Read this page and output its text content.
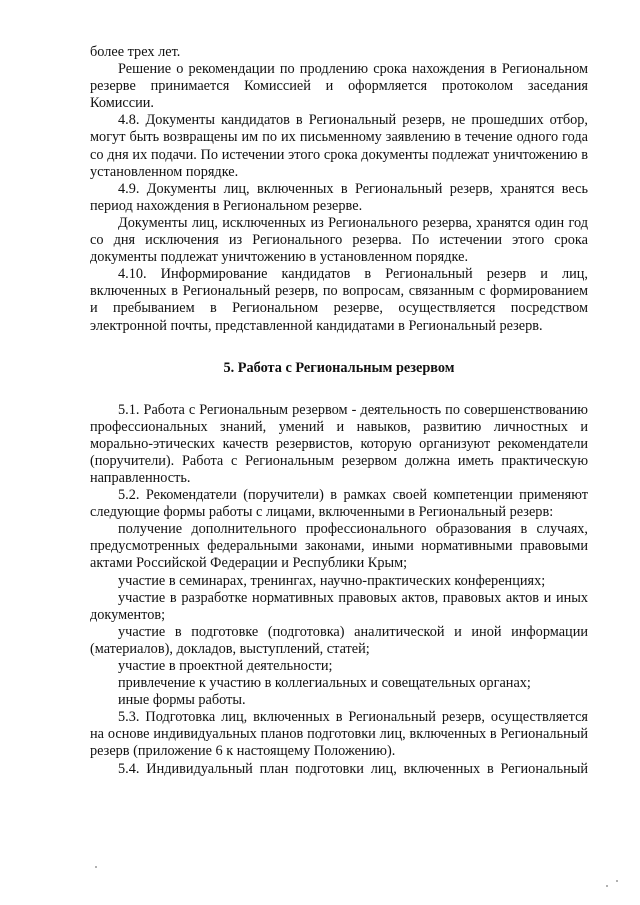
более трех лет.

Решение о рекомендации по продлению срока нахождения в Региональном резерве принимается Комиссией и оформляется протоколом заседания Комиссии.

4.8. Документы кандидатов в Региональный резерв, не прошедших отбор, могут быть возвращены им по их письменному заявлению в течение одного года со дня их подачи. По истечении этого срока документы подлежат уничтожению в установленном порядке.

4.9. Документы лиц, включенных в Региональный резерв, хранятся весь период нахождения в Региональном резерве.

Документы лиц, исключенных из Регионального резерва, хранятся один год со дня исключения из Регионального резерва. По истечении этого срока документы подлежат уничтожению в установленном порядке.

4.10. Информирование кандидатов в Региональный резерв и лиц, включенных в Региональный резерв, по вопросам, связанным с формированием и пребыванием в Региональном резерве, осуществляется посредством электронной почты, представленной кандидатами в Региональный резерв.

5. Работа с Региональным резервом

5.1. Работа с Региональным резервом - деятельность по совершенствованию профессиональных знаний, умений и навыков, развитию личностных и морально-этических качеств резервистов, которую организуют рекомендатели (поручители). Работа с Региональным резервом должна иметь практическую направленность.

5.2. Рекомендатели (поручители) в рамках своей компетенции применяют следующие формы работы с лицами, включенными в Региональный резерв:

получение дополнительного профессионального образования в случаях, предусмотренных федеральными законами, иными нормативными правовыми актами Российской Федерации и Республики Крым;

участие в семинарах, тренингах, научно-практических конференциях;

участие в разработке нормативных правовых актов, правовых актов и иных документов;

участие в подготовке (подготовка) аналитической и иной информации (материалов), докладов, выступлений, статей;

участие в проектной деятельности;

привлечение к участию в коллегиальных и совещательных органах;

иные формы работы.

5.3. Подготовка лиц, включенных в Региональный резерв, осуществляется на основе индивидуальных планов подготовки лиц, включенных в Региональный резерв (приложение 6 к настоящему Положению).

5.4. Индивидуальный план подготовки лиц, включенных в Региональный
